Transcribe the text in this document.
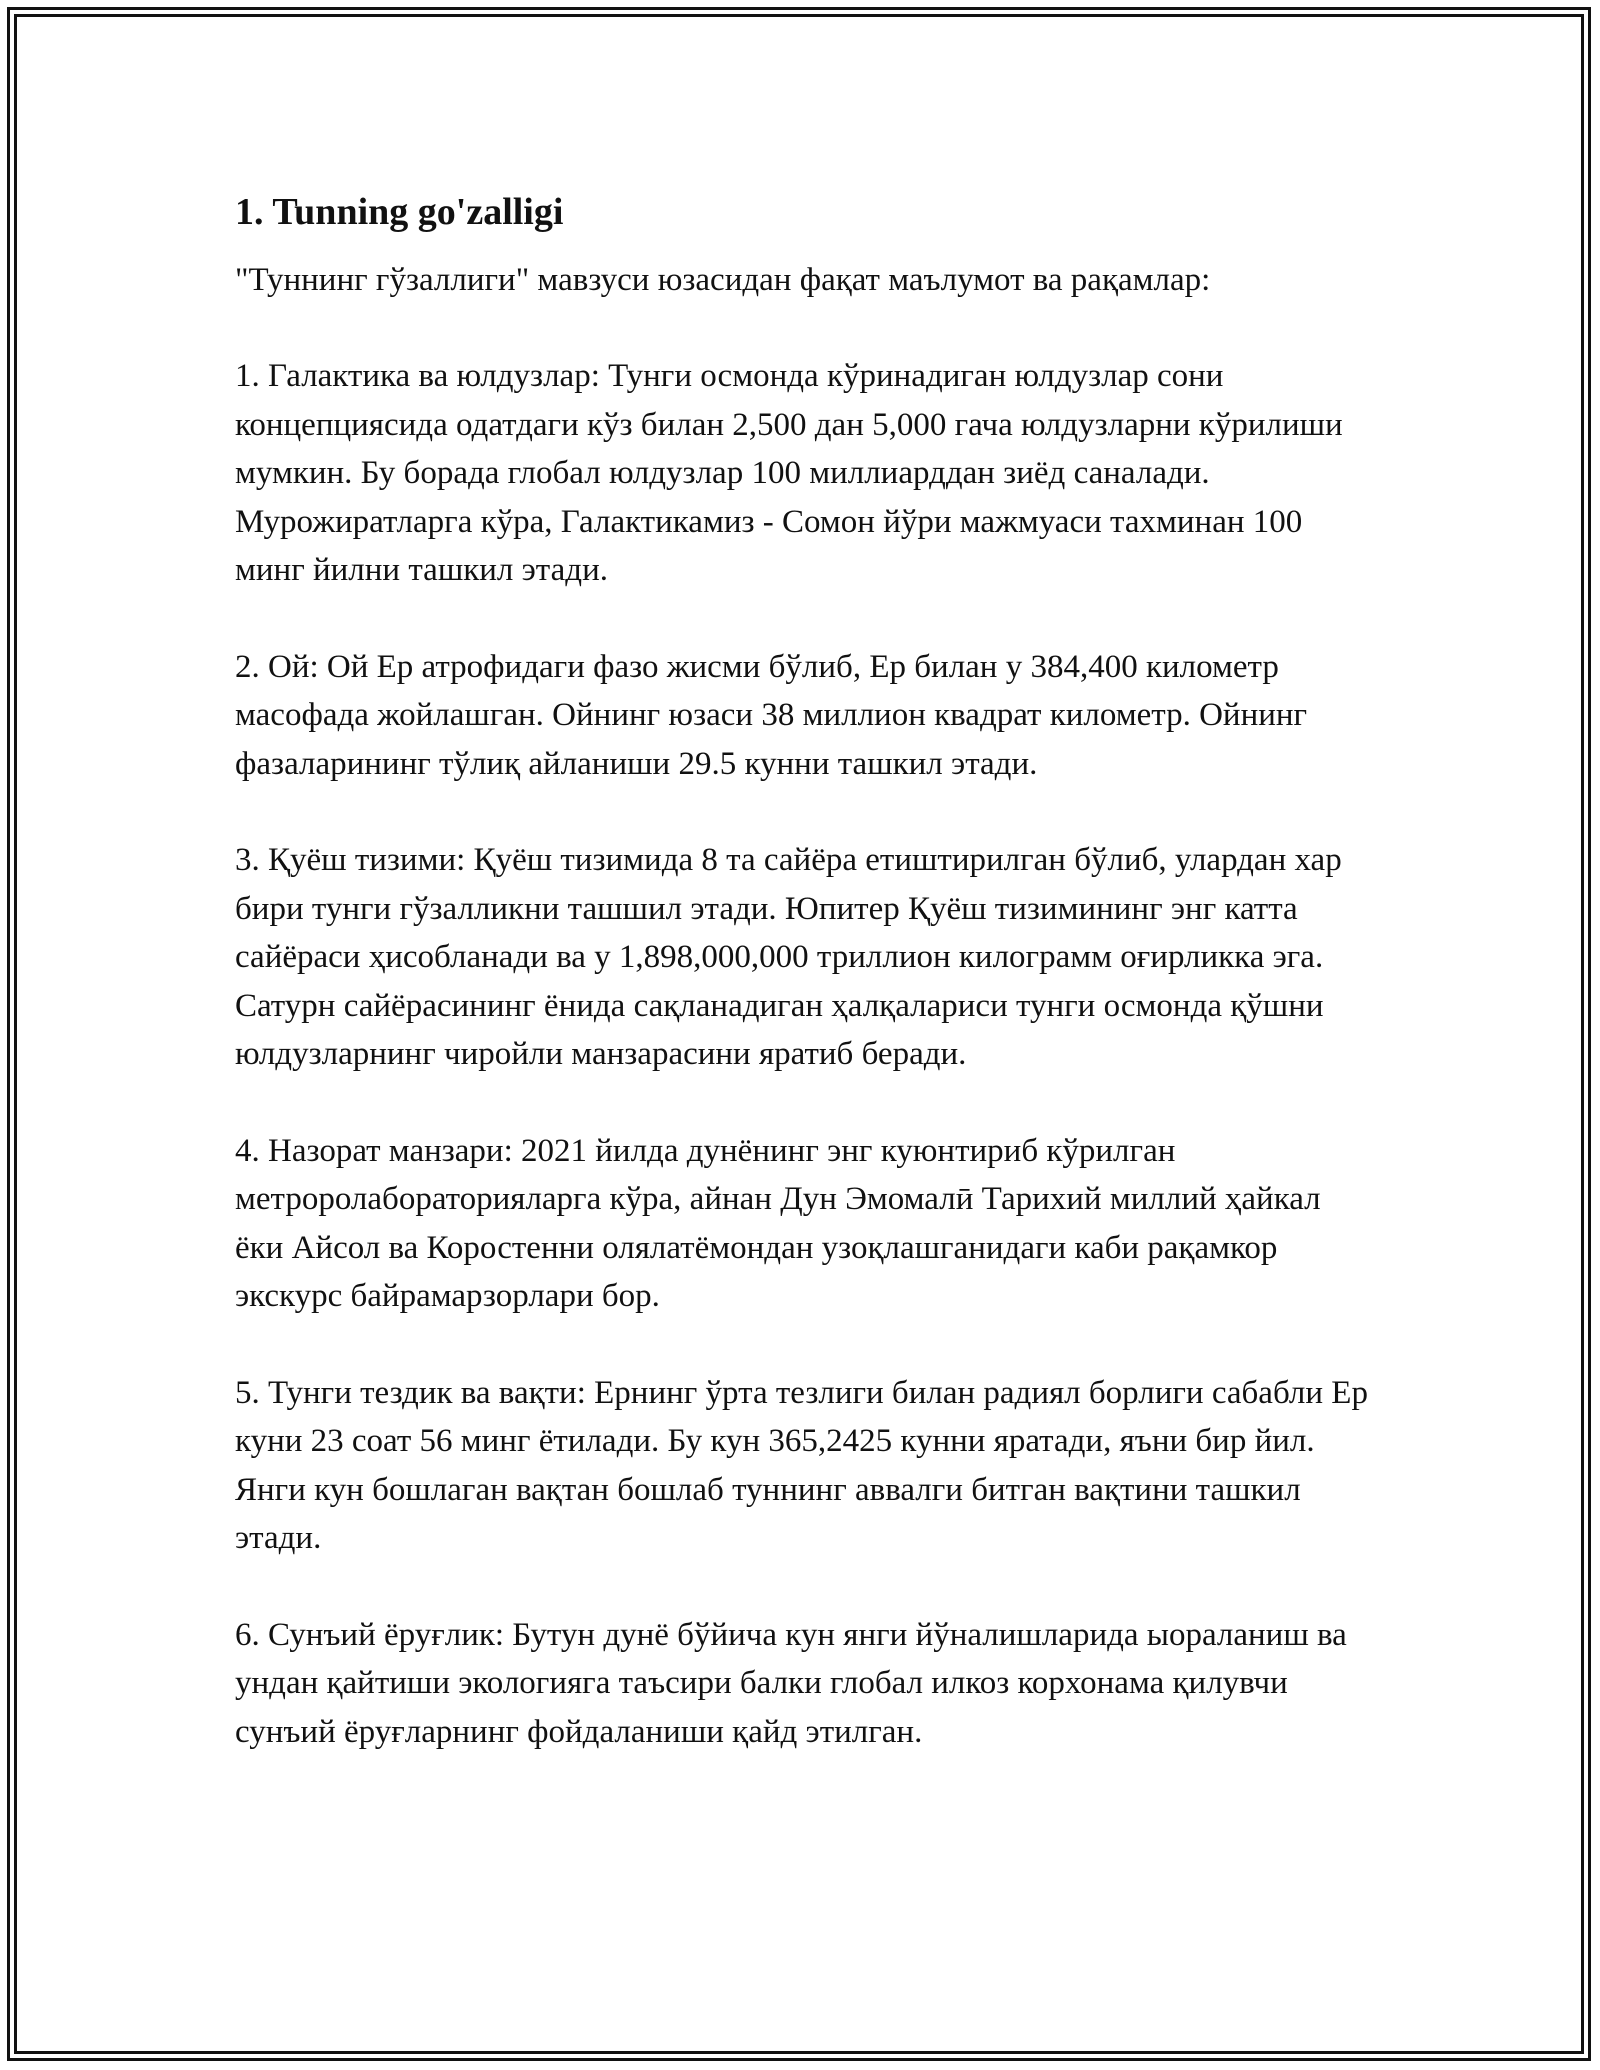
1. Tunning go'zalligi
"Туннинг гўзаллиги" мавзуси юзасидан фақат маълумот ва рақамлар:
1. Галактика ва юлдузлар: Тунги осмонда кўринадиган юлдузлар сони концепциясида одатдаги кўз билан 2,500 дан 5,000 гача юлдузларни кўрилиши мумкин. Бу борада глобал юлдузлар 100 миллиарддан зиёд саналади. Мурожиратларга кўра, Галактикамиз - Сомон йўри мажмуаси тахминан 100 минг йилни ташкил этади.
2. Ой: Ой Ер атрофидаги фазо жисми бўлиб, Ер билан у 384,400 километр масофада жойлашган. Ойнинг юзаси 38 миллион квадрат километр. Ойнинг фазаларининг тўлиқ айланиши 29.5 кунни ташкил этади.
3. Қуёш тизими: Қуёш тизимида 8 та сайёра етиштирилган бўлиб, улардан хар бири тунги гўзалликни ташшил этади. Юпитер Қуёш тизимининг энг катта сайёраси ҳисобланади ва у 1,898,000,000 триллион килограмм оғирликка эга. Сатурн сайёрасининг ёнида сақланадиган ҳалқалариси тунги осмонда қўшни юлдузларнинг чиройли манзарасини яратиб беради.
4. Назорат манзари: 2021 йилда дунёнинг энг куюнтириб кўрилган метроролабораторияларга кўра, айнан Дун Эмомалӣ Тарихий миллий ҳайкал ёки Айсол ва Коростенни олялатёмондан узоқлашганидаги каби рақамкор экскурс байрамарзорлари бор.
5. Тунги тездик ва вақти: Ернинг ўрта тезлиги билан радиял борлиги сабабли Ер куни 23 соат 56 минг ётилади. Бу кун 365,2425 кунни яратади, яъни бир йил. Янги кун бошлаган вақтан бошлаб туннинг аввалги битган вақтини ташкил этади.
6. Сунъий ёруғлик: Бутун дунё бўйича кун янги йўналишларида ыораланиш ва ундан қайтиши экологияга таъсири балки глобал илкоз корхонама қилувчи сунъий ёруғларнинг фойдаланиши қайд этилган.
